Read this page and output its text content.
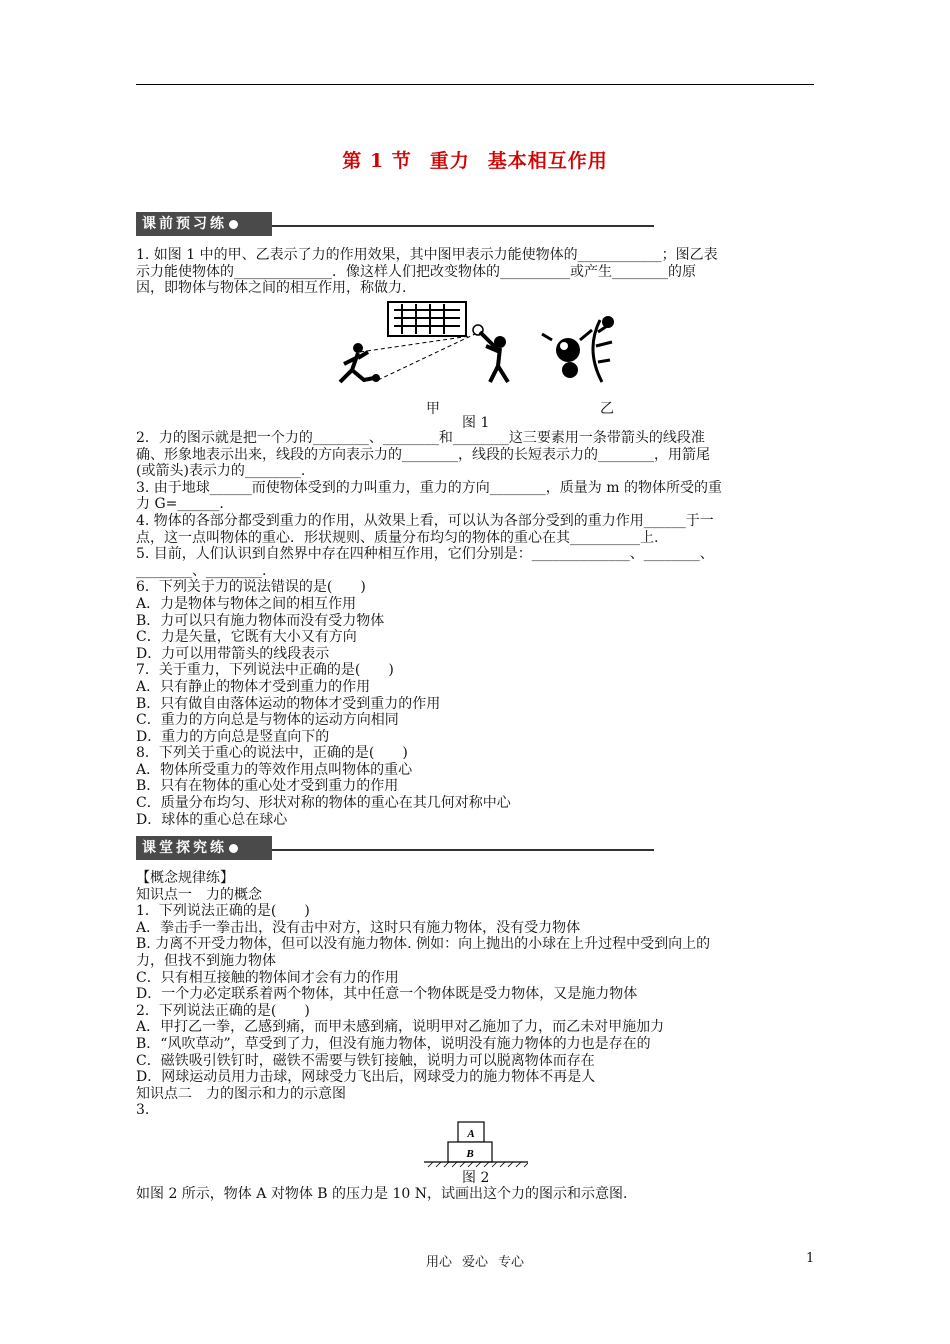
第 1 节 重力 基本相互作用
课前预习练
1. 如图 1 中的甲、乙表示了力的作用效果，其中图甲表示力能使物体的____________；图乙表
示力能使物体的______________．像这样人们把改变物体的__________或产生________的原
因，即物体与物体之间的相互作用，称做力.
甲	乙
图 1
2．力的图示就是把一个力的________、________和________这三要素用一条带箭头的线段准
确、形象地表示出来，线段的方向表示力的________，线段的长短表示力的________，用箭尾
(或箭头)表示力的________.
3. 由于地球______而使物体受到的力叫重力，重力的方向________，质量为 m 的物体所受的重
力 G=______.
4. 物体的各部分都受到重力的作用，从效果上看，可以认为各部分受到的重力作用______于一
点，这一点叫物体的重心．形状规则、质量分布均匀的物体的重心在其__________上.
5. 目前，人们认识到自然界中存在四种相互作用，它们分别是：______________、________、
________、________.
6．下列关于力的说法错误的是(　　)
A．力是物体与物体之间的相互作用
B．力可以只有施力物体而没有受力物体
C．力是矢量，它既有大小又有方向
D．力可以用带箭头的线段表示
7．关于重力，下列说法中正确的是(　　)
A．只有静止的物体才受到重力的作用
B．只有做自由落体运动的物体才受到重力的作用
C．重力的方向总是与物体的运动方向相同
D．重力的方向总是竖直向下的
8．下列关于重心的说法中，正确的是(　　)
A．物体所受重力的等效作用点叫物体的重心
B．只有在物体的重心处才受到重力的作用
C．质量分布均匀、形状对称的物体的重心在其几何对称中心
D．球体的重心总在球心
课堂探究练
【概念规律练】
知识点一　力的概念
1．下列说法正确的是(　　)
A．拳击手一拳击出，没有击中对方，这时只有施力物体，没有受力物体
B. 力离不开受力物体，但可以没有施力物体. 例如：向上抛出的小球在上升过程中受到向上的
力，但找不到施力物体
C．只有相互接触的物体间才会有力的作用
D．一个力必定联系着两个物体，其中任意一个物体既是受力物体，又是施力物体
2．下列说法正确的是(　　)
A．甲打乙一拳，乙感到痛，而甲未感到痛，说明甲对乙施加了力，而乙未对甲施加力
B．“风吹草动”，草受到了力，但没有施力物体，说明没有施力物体的力也是存在的
C．磁铁吸引铁钉时，磁铁不需要与铁钉接触，说明力可以脱离物体而存在
D．网球运动员用力击球，网球受力飞出后，网球受力的施力物体不再是人
知识点二　力的图示和力的示意图
3.
A
B
图 2
如图 2 所示，物体 A 对物体 B 的压力是 10 N，试画出这个力的图示和示意图.
用心 爱心 专心	1
